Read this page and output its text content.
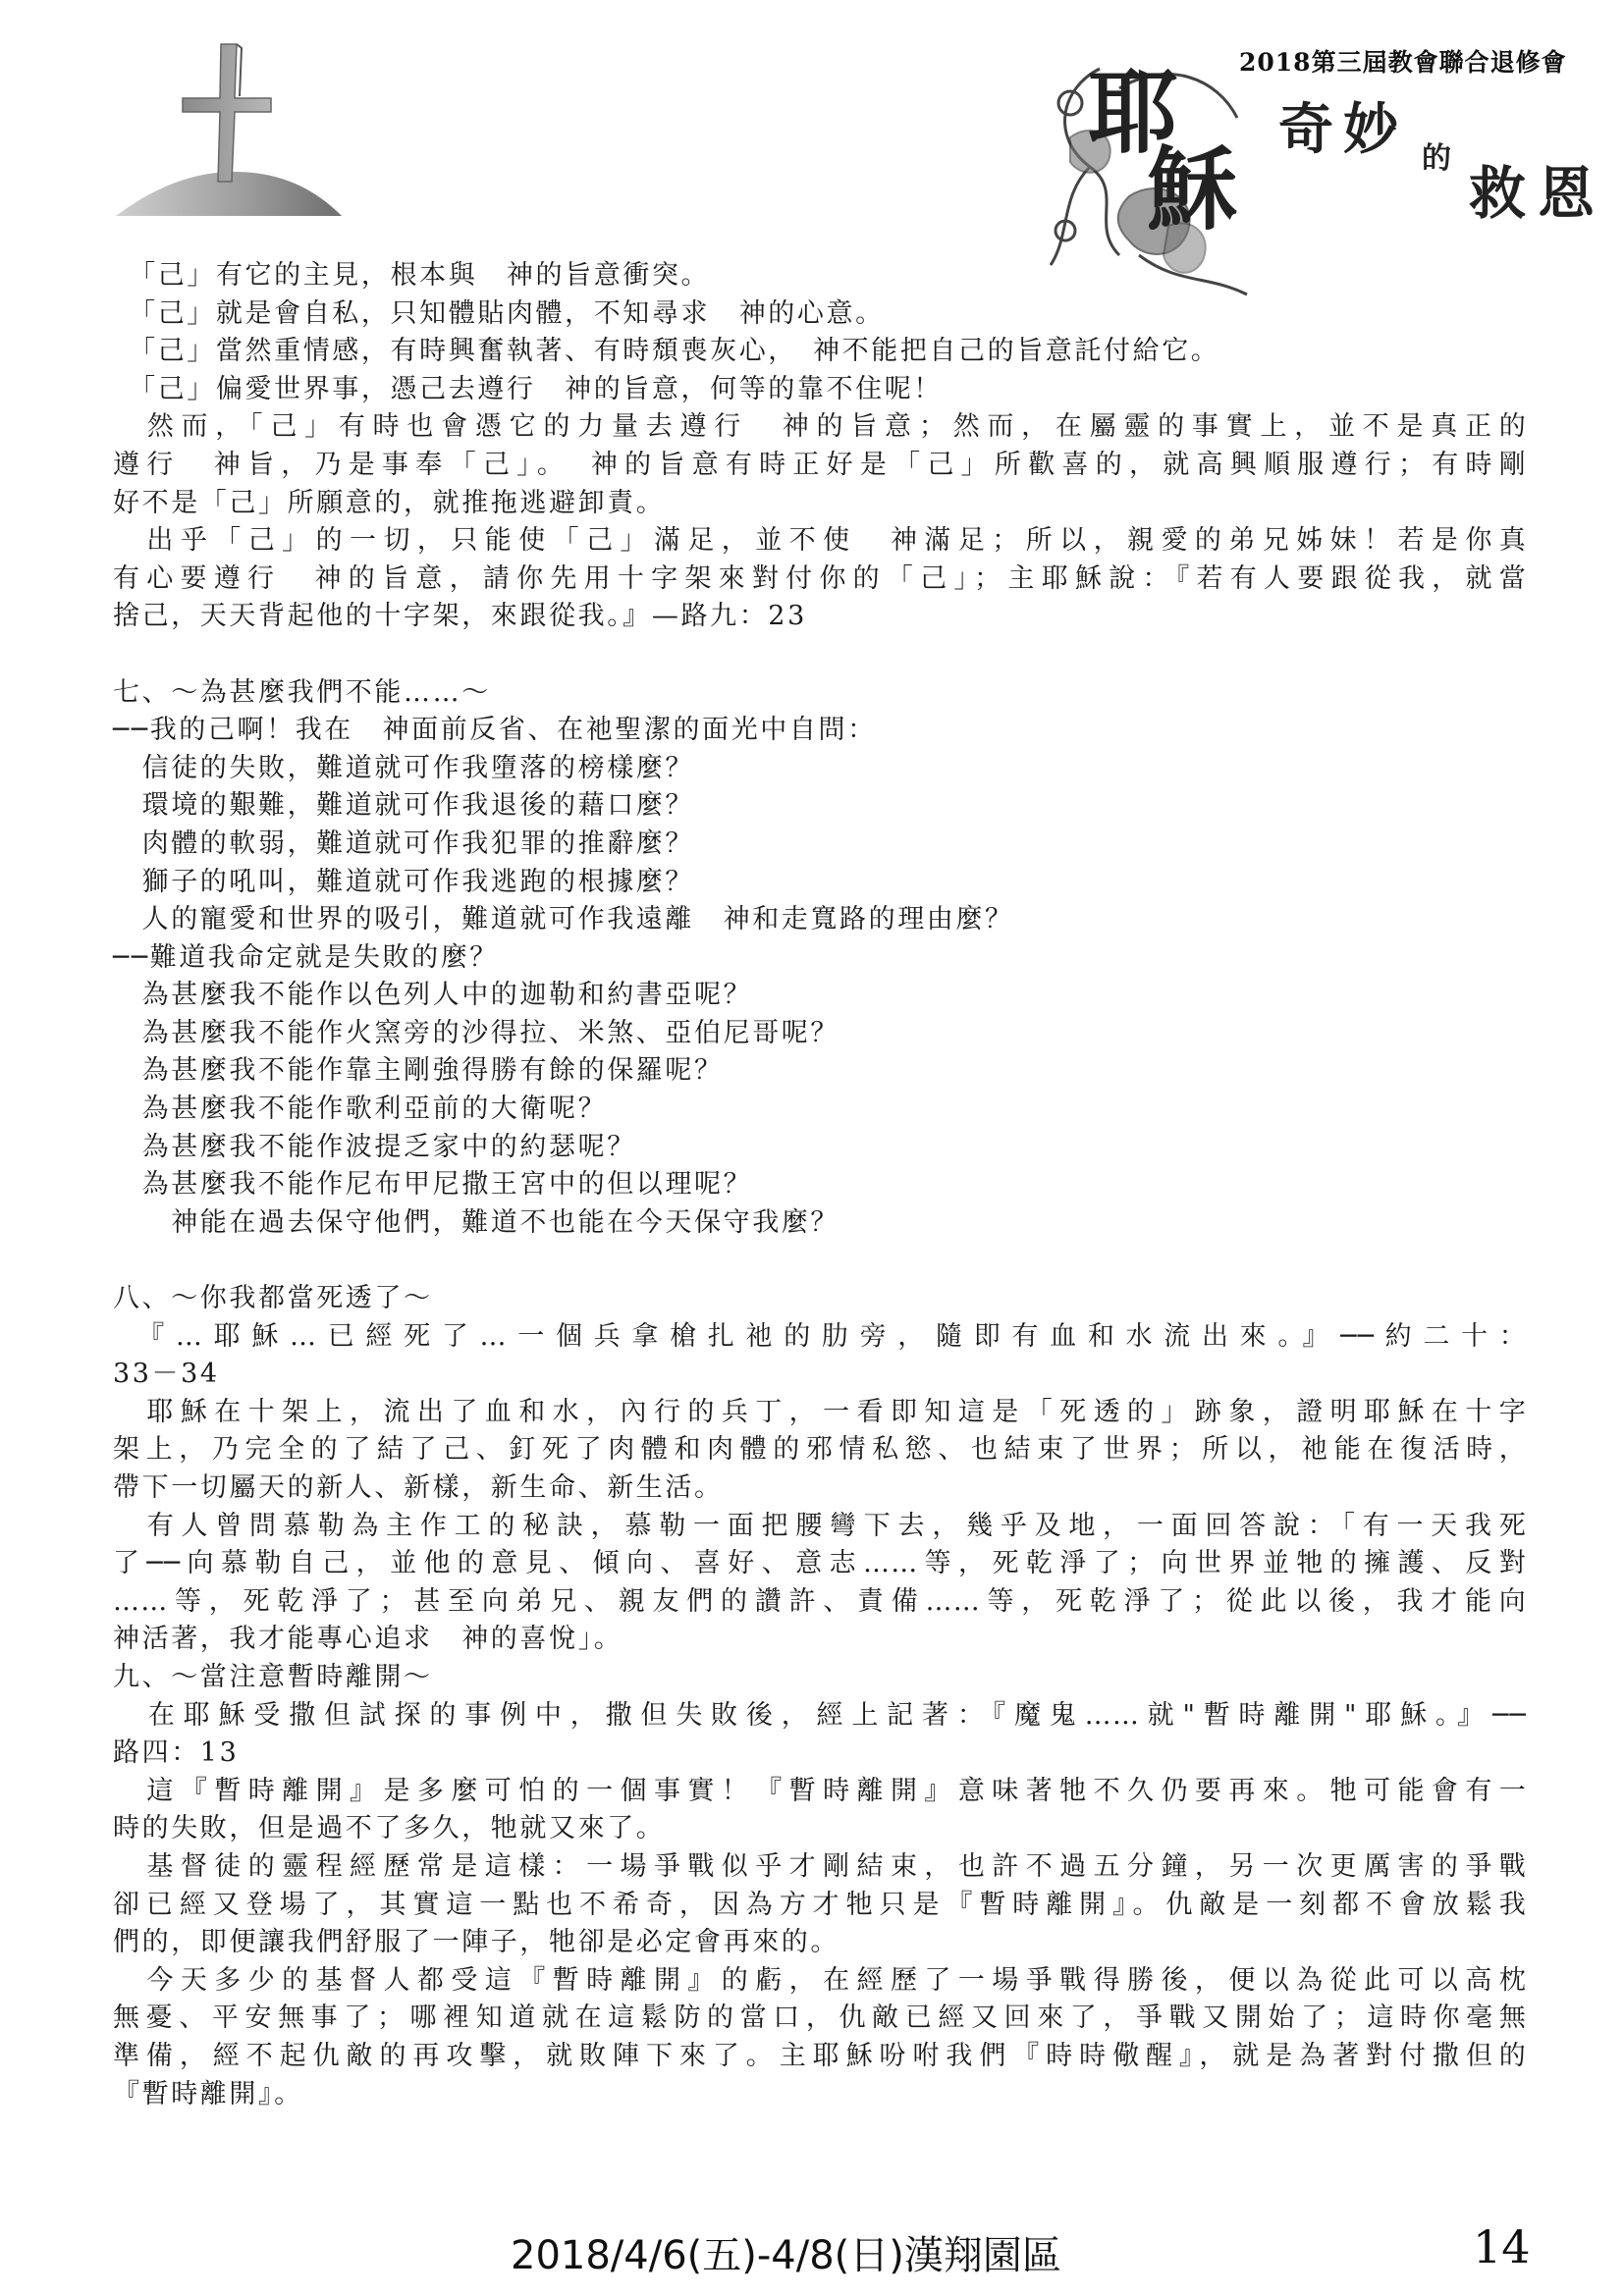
2018第三屆教會聯合退修會
耶
穌
奇 妙 的
救 恩
　「己」有它的主見，根本與　神的旨意衝突。
　「己」就是會自私，只知體貼肉體，不知尋求　神的心意。
　「己」當然重情感，有時興奮執著、有時頹喪灰心，　神不能把自己的旨意託付給它。
　「己」偏愛世界事，憑己去遵行　神的旨意，何等的靠不住呢！
　然而，「己」有時也會憑它的力量去遵行　神的旨意；然而，在屬靈的事實上，並不是真正的
遵行　神旨，乃是事奉「己」。　神的旨意有時正好是「己」所歡喜的，就高興順服遵行；有時剛
好不是「己」所願意的，就推拖逃避卸責。
　出乎「己」的一切，只能使「己」滿足，並不使　神滿足；所以，親愛的弟兄姊妹！若是你真
有心要遵行　神的旨意，請你先用十字架來對付你的「己」；主耶穌說：『若有人要跟從我，就當
捨己，天天背起他的十字架，來跟從我。』—路九：23
七、～為甚麼我們不能……～
──我的己啊！我在　神面前反省、在祂聖潔的面光中自問：
　信徒的失敗，難道就可作我墮落的榜樣麼？
　環境的艱難，難道就可作我退後的藉口麼？
　肉體的軟弱，難道就可作我犯罪的推辭麼？
　獅子的吼叫，難道就可作我逃跑的根據麼？
　人的寵愛和世界的吸引，難道就可作我遠離　神和走寬路的理由麼？
──難道我命定就是失敗的麼？
　為甚麼我不能作以色列人中的迦勒和約書亞呢？
　為甚麼我不能作火窯旁的沙得拉、米煞、亞伯尼哥呢？
　為甚麼我不能作靠主剛強得勝有餘的保羅呢？
　為甚麼我不能作歌利亞前的大衛呢？
　為甚麼我不能作波提乏家中的約瑟呢？
　為甚麼我不能作尼布甲尼撒王宮中的但以理呢？
　　神能在過去保守他們，難道不也能在今天保守我麼？
八、～你我都當死透了～
　『…耶穌…已經死了…一個兵拿槍扎祂的肋旁，隨即有血和水流出來。』──約二十：
33－34
　耶穌在十架上，流出了血和水，內行的兵丁，一看即知這是「死透的」跡象，證明耶穌在十字
架上，乃完全的了結了己、釘死了肉體和肉體的邪情私慾、也結束了世界；所以，祂能在復活時，
帶下一切屬天的新人、新樣，新生命、新生活。
　有人曾問慕勒為主作工的秘訣，慕勒一面把腰彎下去，幾乎及地，一面回答說：「有一天我死
了──向慕勒自己，並他的意見、傾向、喜好、意志……等，死乾淨了；向世界並牠的擁護、反對
……等，死乾淨了；甚至向弟兄、親友們的讚許、責備……等，死乾淨了；從此以後，我才能向
神活著，我才能專心追求　神的喜悅」。
九、～當注意暫時離開～
　在耶穌受撒但試探的事例中，撒但失敗後，經上記著：『魔鬼……就"暫時離開"耶穌。』──
路四：13
　這『暫時離開』是多麼可怕的一個事實！『暫時離開』意味著牠不久仍要再來。牠可能會有一
時的失敗，但是過不了多久，牠就又來了。
　基督徒的靈程經歷常是這樣：一場爭戰似乎才剛結束，也許不過五分鐘，另一次更厲害的爭戰
卻已經又登場了，其實這一點也不希奇，因為方才牠只是『暫時離開』。仇敵是一刻都不會放鬆我
們的，即便讓我們舒服了一陣子，牠卻是必定會再來的。
　今天多少的基督人都受這『暫時離開』的虧，在經歷了一場爭戰得勝後，便以為從此可以高枕
無憂、平安無事了；哪裡知道就在這鬆防的當口，仇敵已經又回來了，爭戰又開始了；這時你毫無
準備，經不起仇敵的再攻擊，就敗陣下來了。主耶穌吩咐我們『時時儆醒』，就是為著對付撒但的
『暫時離開』。
2018/4/6(五)-4/8(日)漢翔園區	14
